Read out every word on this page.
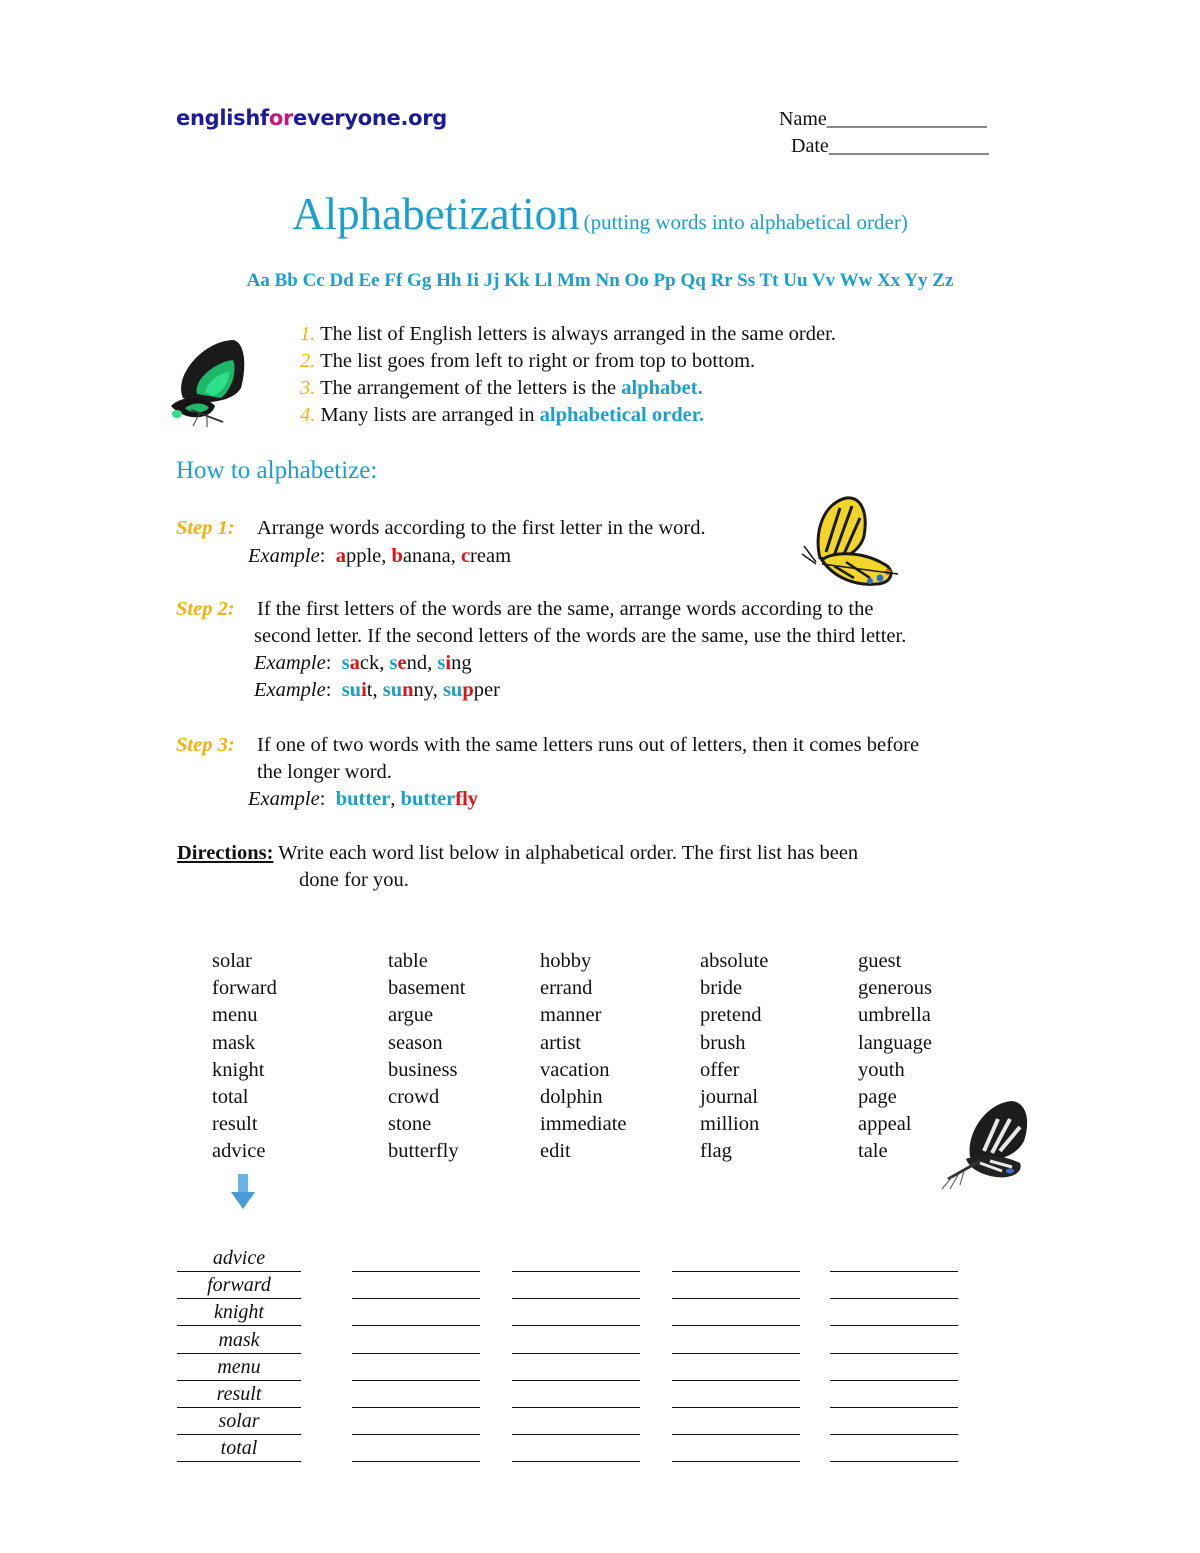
englishforeveryone.org	Name________________
Date________________
Alphabetization (putting words into alphabetical order)
Aa Bb Cc Dd Ee Ff Gg Hh Ii Jj Kk Ll Mm Nn Oo Pp Qq Rr Ss Tt Uu Vv Ww Xx Yy Zz
1. The list of English letters is always arranged in the same order.
2. The list goes from left to right or from top to bottom.
3. The arrangement of the letters is the alphabet.
4. Many lists are arranged in alphabetical order.
How to alphabetize:
Step 1: Arrange words according to the first letter in the word.
Example:  apple, banana, cream
Step 2: If the first letters of the words are the same, arrange words according to the
second letter. If the second letters of the words are the same, use the third letter.
Example:  sack, send, sing
Example:  suit, sunny, supper
Step 3: If one of two words with the same letters runs out of letters, then it comes before
the longer word.
Example:  butter, butterfly
Directions: Write each word list below in alphabetical order. The first list has been
done for you.
solar
forward
menu
mask
knight
total
result
advice
table
basement
argue
season
business
crowd
stone
butterfly
hobby
errand
manner
artist
vacation
dolphin
immediate
edit
absolute
bride
pretend
brush
offer
journal
million
flag
guest
generous
umbrella
language
youth
page
appeal
tale
advice
forward
knight
mask
menu
result
solar
total
